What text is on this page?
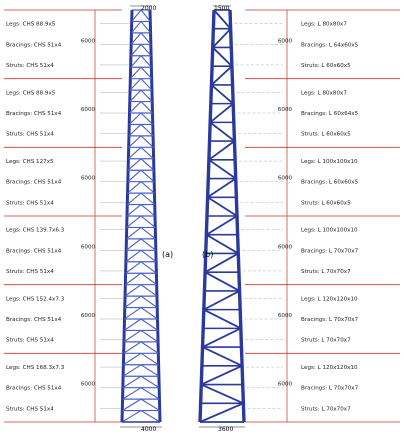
(a)	(b)
2000
4000
1500
3600
Legs: CHS 88.9x5
Bracings: CHS 51x4
Struts: CHS 51x4
6000
Legs: L 80x80x7
Bracings: L 64x60x5
Struts: L 60x60x5
6000
Legs: CHS 88.9x5
Bracings: CHS 51x4
Struts: CHS 51x4
6000
Legs: L 80x80x7
Bracings: L 60x64x5
Struts: L 60x60x5
6000
Legs: CHS 127x5
Bracings: CHS 51x4
Struts: CHS 51x4
6000
Legs: L 100x100x10
Bracings: L 60x60x5
Struts: L 60x60x5
6000
Legs: CHS 139.7x6.3
Bracings: CHS 51x4
Struts: CHS 51x4
6000
Legs: L 100x100x10
Bracings: L 70x70x7
Struts: L 70x70x7
6000
Legs: CHS 152.4x7.3
Bracings: CHS 51x4
Struts: CHS 51x4
6000
Legs: L 120x120x10
Bracings: L 70x70x7
Struts: L 70x70x7
6000
Legs: CHS 168.3x7.3
Bracings: CHS 51x4
Struts: CHS 51x4
6000
Legs: L 120x120x10
Bracings: L 70x70x7
Struts: L 70x70x7
6000
